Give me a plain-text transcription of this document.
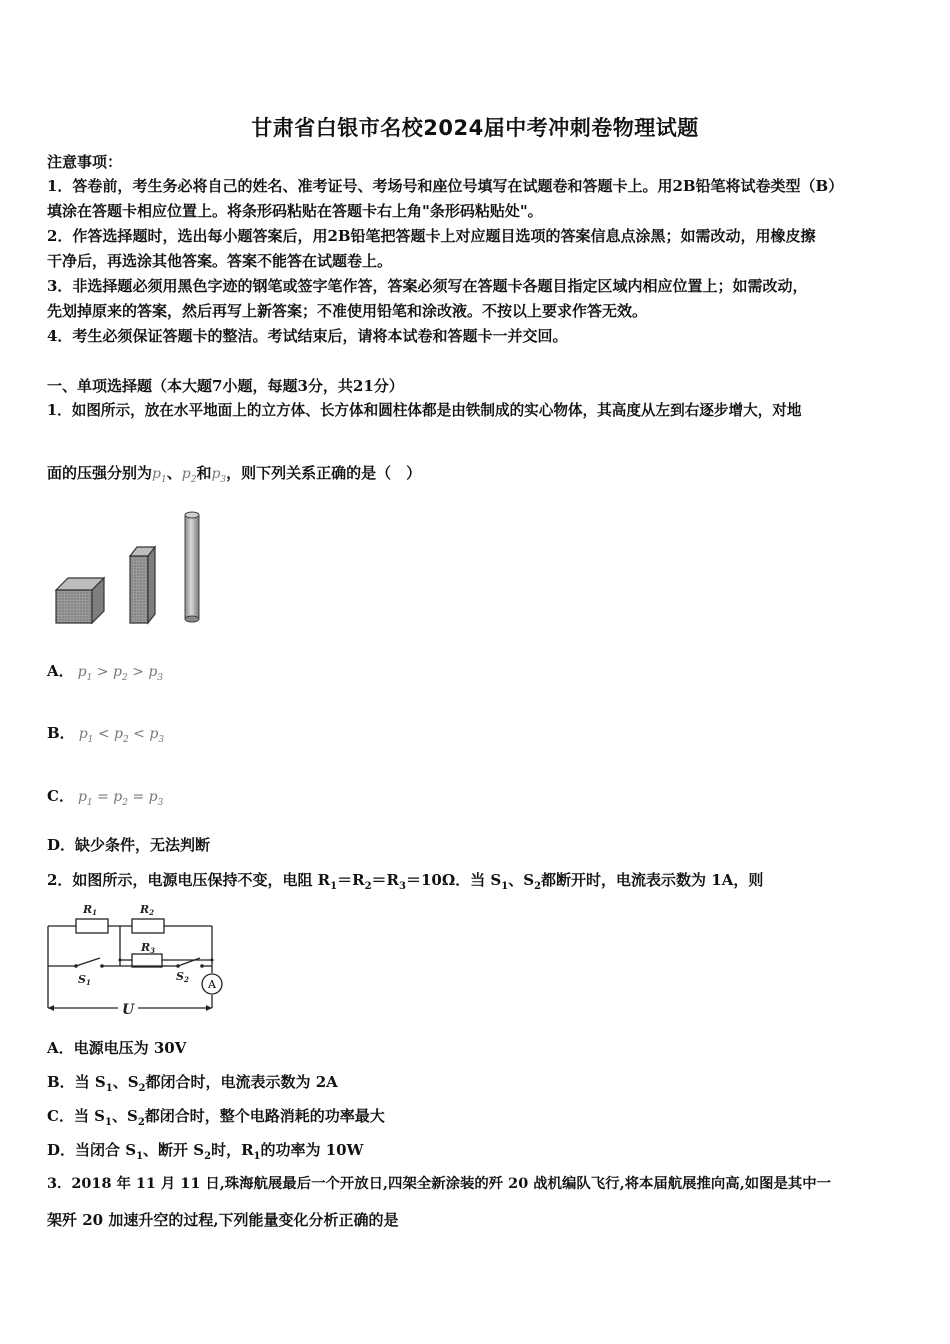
甘肃省白银市名校2024届中考冲刺卷物理试题
注意事项：
1．答卷前，考生务必将自己的姓名、准考证号、考场号和座位号填写在试题卷和答题卡上。用2B铅笔将试卷类型（B）
填涂在答题卡相应位置上。将条形码粘贴在答题卡右上角"条形码粘贴处"。
2．作答选择题时，选出每小题答案后，用2B铅笔把答题卡上对应题目选项的答案信息点涂黑；如需改动，用橡皮擦
干净后，再选涂其他答案。答案不能答在试题卷上。
3．非选择题必须用黑色字迹的钢笔或签字笔作答，答案必须写在答题卡各题目指定区域内相应位置上；如需改动，
先划掉原来的答案，然后再写上新答案；不准使用铅笔和涂改液。不按以上要求作答无效。
4．考生必须保证答题卡的整洁。考试结束后，请将本试卷和答题卡一并交回。
一、单项选择题（本大题7小题，每题3分，共21分）
1．如图所示，放在水平地面上的立方体、长方体和圆柱体都是由铁制成的实心物体，其高度从左到右逐步增大，对地
面的压强分别为$p_1$、$p_2$和$p_3$，则下列关系正确的是（　）
A． $p_1 > p_2 > p_3$
B． $p_1 < p_2 < p_3$
C． $p_1 = p_2 = p_3$
D．缺少条件，无法判断
2．如图所示，电源电压保持不变，电阻 $R_1=R_2=R_3=10\Omega$．当 $S_1$、$S_2$都断开时，电流表示数为 1A，则
A
R1	R2
R3
S1	S2
U
A．电源电压为 30V
B．当 $S_1$、$S_2$都闭合时，电流表示数为 2A
C．当 $S_1$、$S_2$都闭合时，整个电路消耗的功率最大
D．当闭合 $S_1$、断开 $S_2$时，$R_1$的功率为 10W
3．2018 年 11 月 11 日,珠海航展最后一个开放日,四架全新涂装的歼 20 战机编队飞行,将本届航展推向高,如图是其中一
架歼 20 加速升空的过程,下列能量变化分析正确的是
